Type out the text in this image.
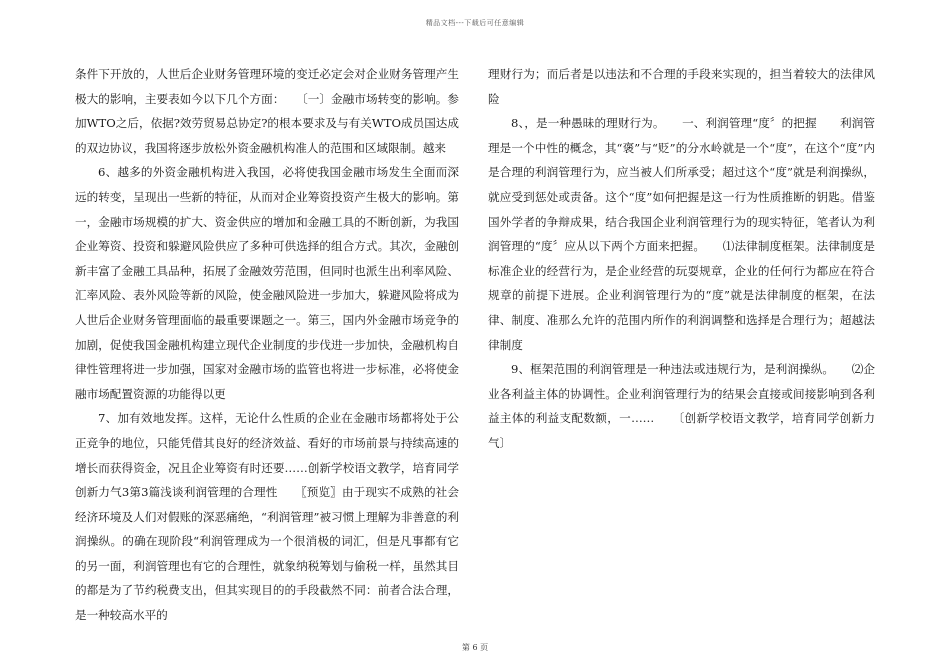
精品文档---下载后可任意编辑

条件下开放的，人世后企业财务管理环境的变迁必定会对企业财务管理产生极大的影响，主要表如今以下几个方面：　　〔一〕金融市场转变的影响。参加WTO之后，依据?效劳贸易总协定?的根本要求及与有关WTO成员国达成的双边协议，我国将逐步放松外资金融机构准人的范围和区域限制。越来

6、越多的外资金融机构进入我国，必将使我国金融市场发生全面而深远的转变，呈现出一些新的特征，从而对企业筹资投资产生极大的影响。第一，金融市场规模的扩大、资金供应的增加和金融工具的不断创新，为我国企业筹资、投资和躲避风险供应了多种可供选择的组合方式。其次，金融创新丰富了金融工具品种，拓展了金融效劳范围，但同时也派生出利率风险、汇率风险、表外风险等新的风险，使金融风险进一步加大，躲避风险将成为人世后企业财务管理面临的最重要课题之一。第三，国内外金融市场竞争的加剧，促使我国金融机构建立现代企业制度的步伐进一步加快，金融机构自律性管理将进一步加强，国家对金融市场的监管也将进一步标准，必将使金融市场配置资源的功能得以更

7、加有效地发挥。这样，无论什么性质的企业在金融市场都将处于公正竞争的地位，只能凭借其良好的经济效益、看好的市场前景与持续高速的增长而获得资金，况且企业筹资有时还要……创新学校语文教学，培育同学创新力气3第3篇浅谈利润管理的合理性　　〖预览〗由于现实不成熟的社会经济环境及人们对假账的深恶痛绝，“利润管理”被习惯上理解为非善意的利润操纵。的确在现阶段“利润管理成为一个很消极的词汇，但是凡事都有它的另一面，利润管理也有它的合理性，就象纳税筹划与偷税一样，虽然其目的都是为了节约税费支出，但其实现目的的手段截然不同：前者合法合理，是一种较高水平的

理财行为；而后者是以违法和不合理的手段来实现的，担当着较大的法律风险

8、，是一种愚昧的理财行为。　　一、利润管理“度〞的把握　　利润管理是一个中性的概念，其“褒”与“贬”的分水岭就是一个“度”，在这个“度”内是合理的利润管理行为，应当被人们所承受；超过这个“度”就是利润操纵，就应受到惩处或责备。这个“度”如何把握是这一行为性质推断的钥匙。借鉴国外学者的争辩成果，结合我国企业利润管理行为的现实特征，笔者认为利润管理的“度〞应从以下两个方面来把握。　　⑴法律制度框架。法律制度是标准企业的经营行为，是企业经营的玩耍规章，企业的任何行为都应在符合规章的前提下进展。企业利润管理行为的“度”就是法律制度的框架，在法律、制度、准那么允许的范围内所作的利润调整和选择是合理行为；超越法律制度

9、框架范围的利润管理是一种违法或违规行为，是利润操纵。　　⑵企业各利益主体的协调性。企业利润管理行为的结果会直接或间接影响到各利益主体的利益支配数额，一……　　〔创新学校语文教学，培育同学创新力气〕

第 6 页
